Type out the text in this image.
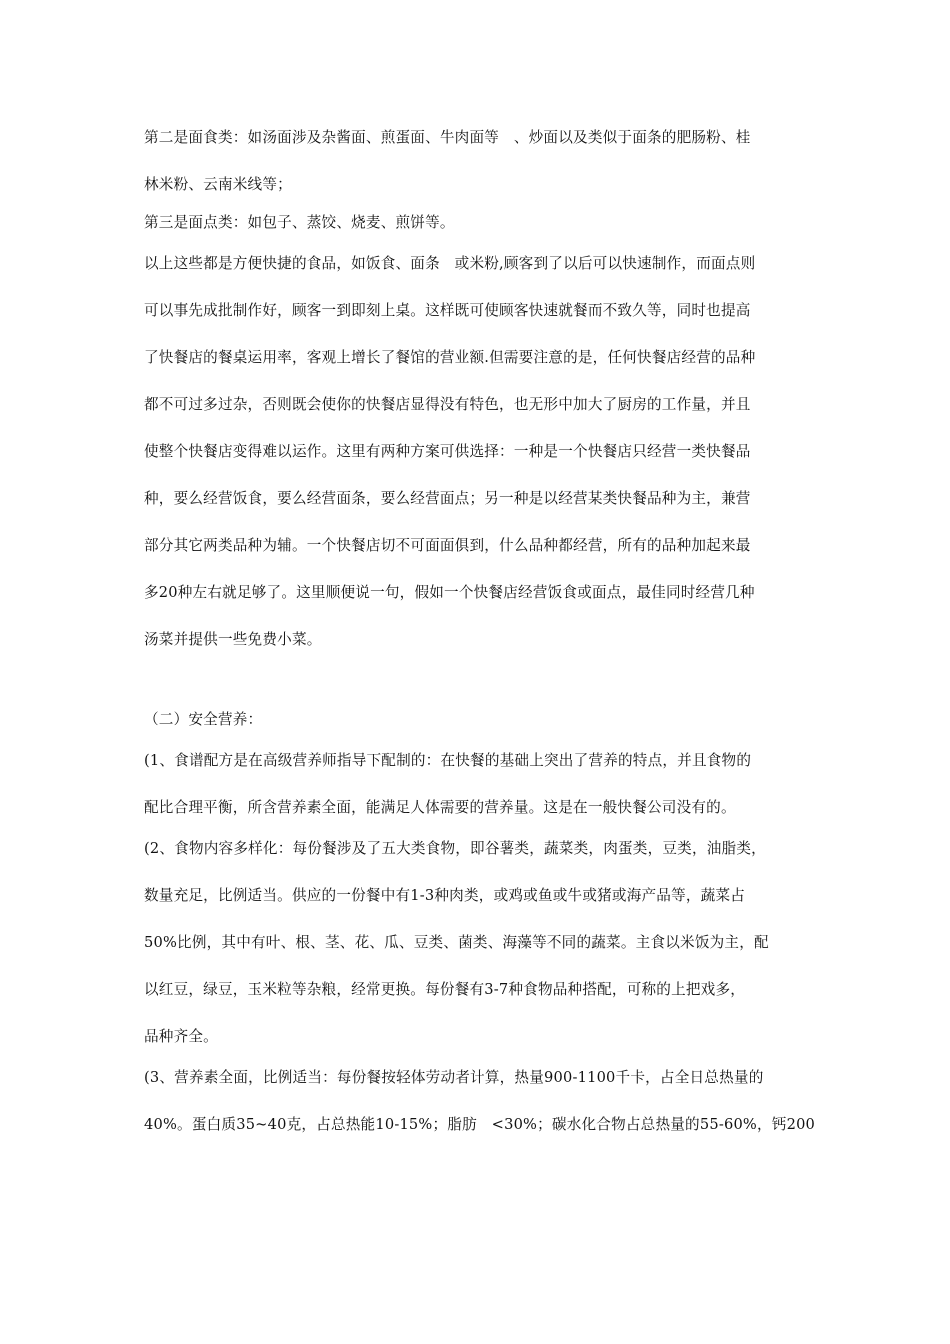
第二是面食类：如汤面涉及杂酱面、煎蛋面、牛肉面等　、炒面以及类似于面条的肥肠粉、桂
林米粉、云南米线等；
第三是面点类：如包子、蒸饺、烧麦、煎饼等。
以上这些都是方便快捷的食品，如饭食、面条　或米粉,顾客到了以后可以快速制作，而面点则
可以事先成批制作好，顾客一到即刻上桌。这样既可使顾客快速就餐而不致久等，同时也提高
了快餐店的餐桌运用率，客观上增长了餐馆的营业额.但需要注意的是，任何快餐店经营的品种
都不可过多过杂，否则既会使你的快餐店显得没有特色，也无形中加大了厨房的工作量，并且
使整个快餐店变得难以运作。这里有两种方案可供选择：一种是一个快餐店只经营一类快餐品
种，要么经营饭食，要么经营面条，要么经营面点；另一种是以经营某类快餐品种为主，兼营
部分其它两类品种为辅。一个快餐店切不可面面俱到，什么品种都经营，所有的品种加起来最
多20种左右就足够了。这里顺便说一句，假如一个快餐店经营饭食或面点，最佳同时经营几种
汤菜并提供一些免费小菜。
（二）安全营养：
(1、食谱配方是在高级营养师指导下配制的：在快餐的基础上突出了营养的特点，并且食物的
配比合理平衡，所含营养素全面，能满足人体需要的营养量。这是在一般快餐公司没有的。
(2、食物内容多样化：每份餐涉及了五大类食物，即谷薯类，蔬菜类，肉蛋类，豆类，油脂类，
数量充足，比例适当。供应的一份餐中有1-3种肉类，或鸡或鱼或牛或猪或海产品等，蔬菜占
50%比例，其中有叶、根、茎、花、瓜、豆类、菌类、海藻等不同的蔬菜。主食以米饭为主，配
以红豆，绿豆，玉米粒等杂粮，经常更换。每份餐有3-7种食物品种搭配，可称的上把戏多，
品种齐全。
(3、营养素全面，比例适当：每份餐按轻体劳动者计算，热量900-1100千卡，占全日总热量的
40%。蛋白质35~40克，占总热能10-15%；脂肪　<30%；碳水化合物占总热量的55-60%，钙200
